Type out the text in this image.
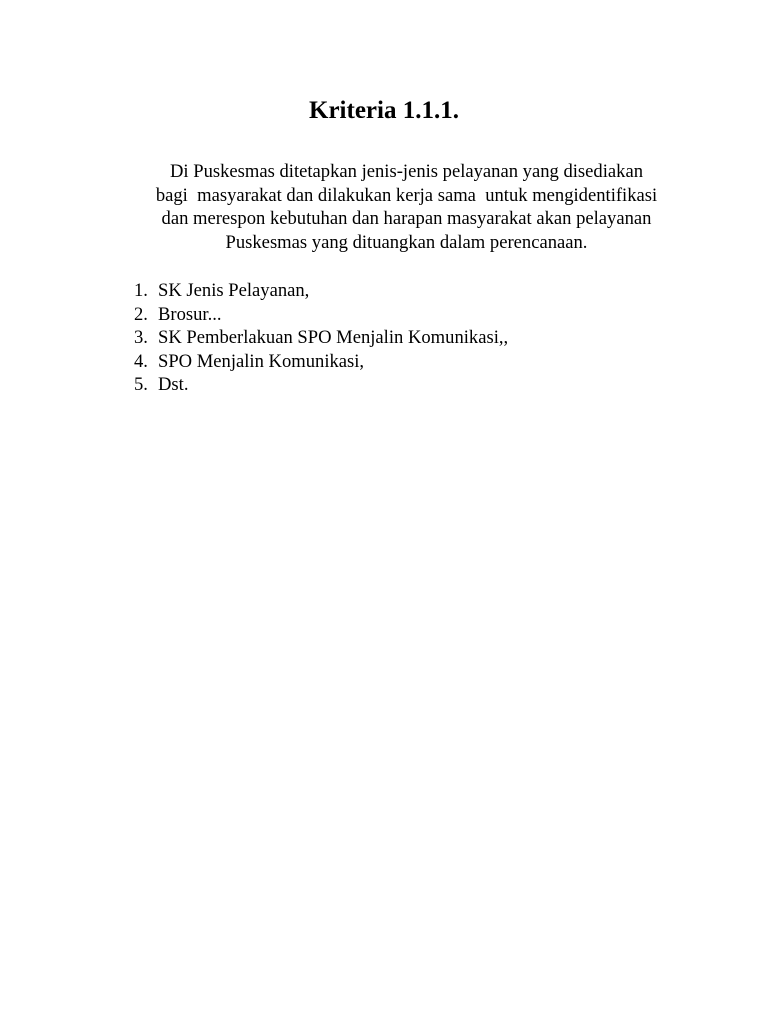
Kriteria 1.1.1.
Di Puskesmas ditetapkan jenis-jenis pelayanan yang disediakan
bagi  masyarakat dan dilakukan kerja sama  untuk mengidentifikasi
dan merespon kebutuhan dan harapan masyarakat akan pelayanan
Puskesmas yang dituangkan dalam perencanaan.
1. SK Jenis Pelayanan,
2. Brosur...
3. SK Pemberlakuan SPO Menjalin Komunikasi,,
4. SPO Menjalin Komunikasi,
5. Dst.
